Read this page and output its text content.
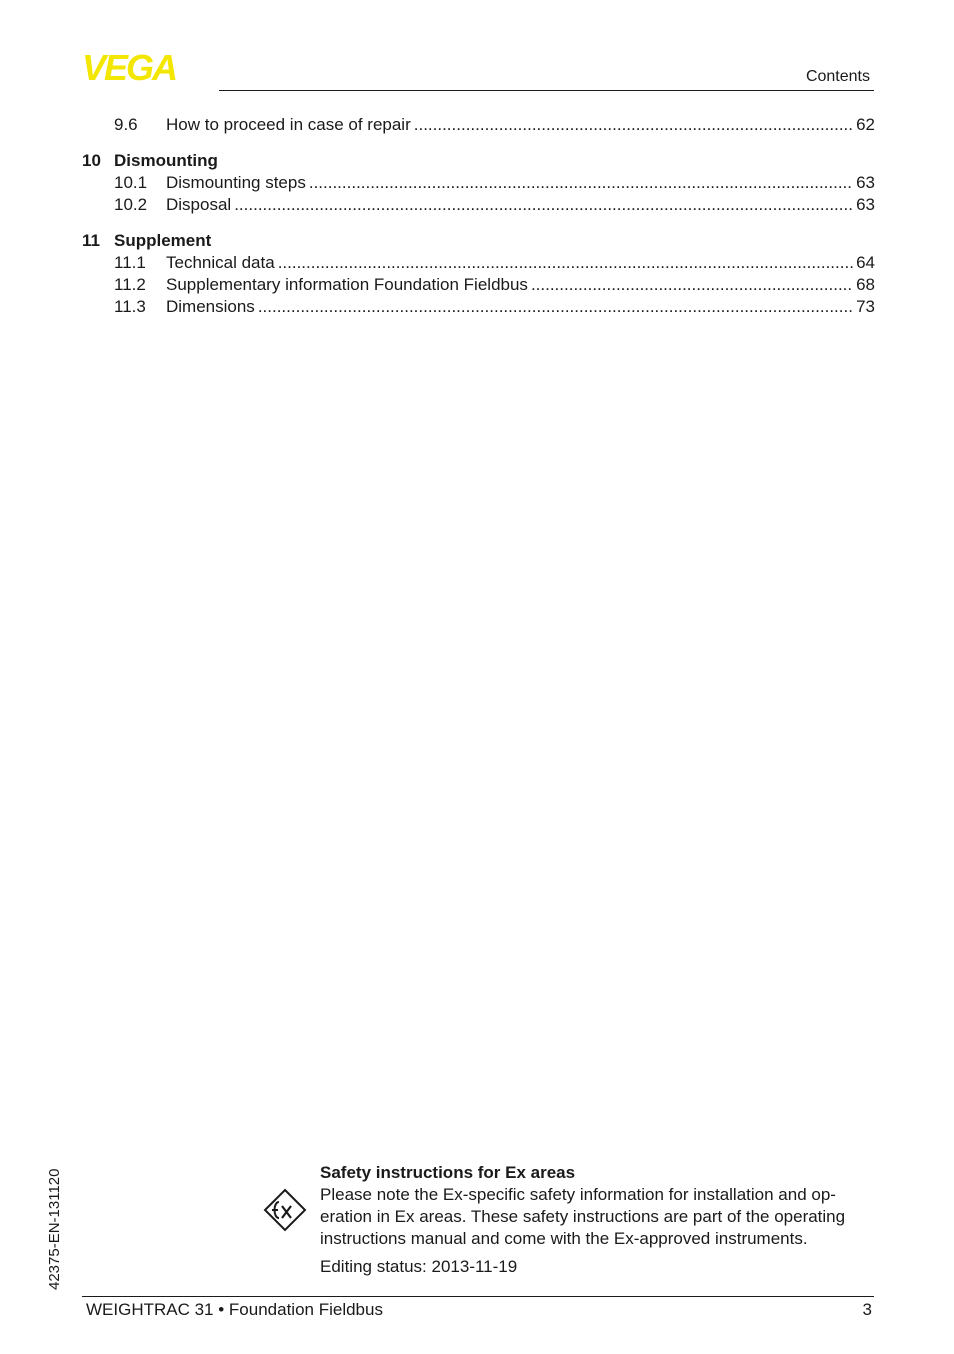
VEGA	Contents
9.6	How to proceed in case of repair .....	62
10 Dismounting
10.1	Dismounting steps .....	63
10.2	Disposal .....	63
11 Supplement
11.1	Technical data .....	64
11.2	Supplementary information Foundation Fieldbus .....	68
11.3	Dimensions .....	73
42375-EN-131120	Safety instructions for Ex areas
Please note the Ex-specific safety information for installation and op-eration in Ex areas. These safety instructions are part of the operating instructions manual and come with the Ex-approved instruments.
Editing status: 2013-11-19
WEIGHTRAC 31 • Foundation Fieldbus	3
